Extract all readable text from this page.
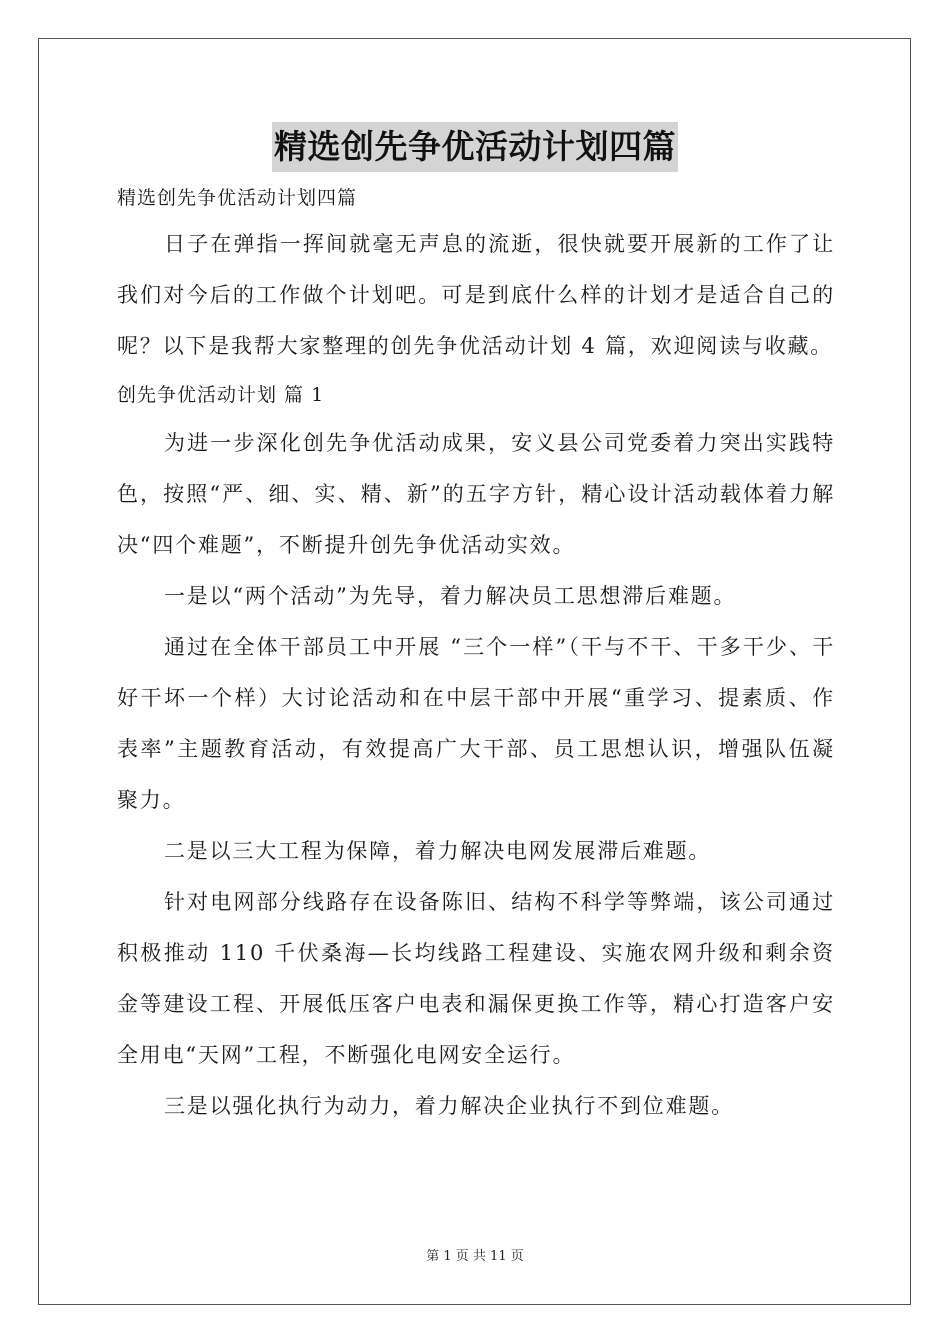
精选创先争优活动计划四篇

精选创先争优活动计划四篇

日子在弹指一挥间就毫无声息的流逝，很快就要开展新的工作了让我们对今后的工作做个计划吧。可是到底什么样的计划才是适合自己的呢？以下是我帮大家整理的创先争优活动计划 4 篇，欢迎阅读与收藏。

创先争优活动计划 篇 1

为进一步深化创先争优活动成果，安义县公司党委着力突出实践特色，按照“严、细、实、精、新”的五字方针，精心设计活动载体着力解决“四个难题”，不断提升创先争优活动实效。

一是以“两个活动”为先导，着力解决员工思想滞后难题。

通过在全体干部员工中开展 “三个一样”（干与不干、干多干少、干好干坏一个样）大讨论活动和在中层干部中开展“重学习、提素质、作表率”主题教育活动，有效提高广大干部、员工思想认识，增强队伍凝聚力。

二是以三大工程为保障，着力解决电网发展滞后难题。

针对电网部分线路存在设备陈旧、结构不科学等弊端，该公司通过积极推动 110 千伏桑海—长均线路工程建设、实施农网升级和剩余资金等建设工程、开展低压客户电表和漏保更换工作等，精心打造客户安全用电“天网”工程，不断强化电网安全运行。

三是以强化执行为动力，着力解决企业执行不到位难题。

第 1 页 共 11 页
